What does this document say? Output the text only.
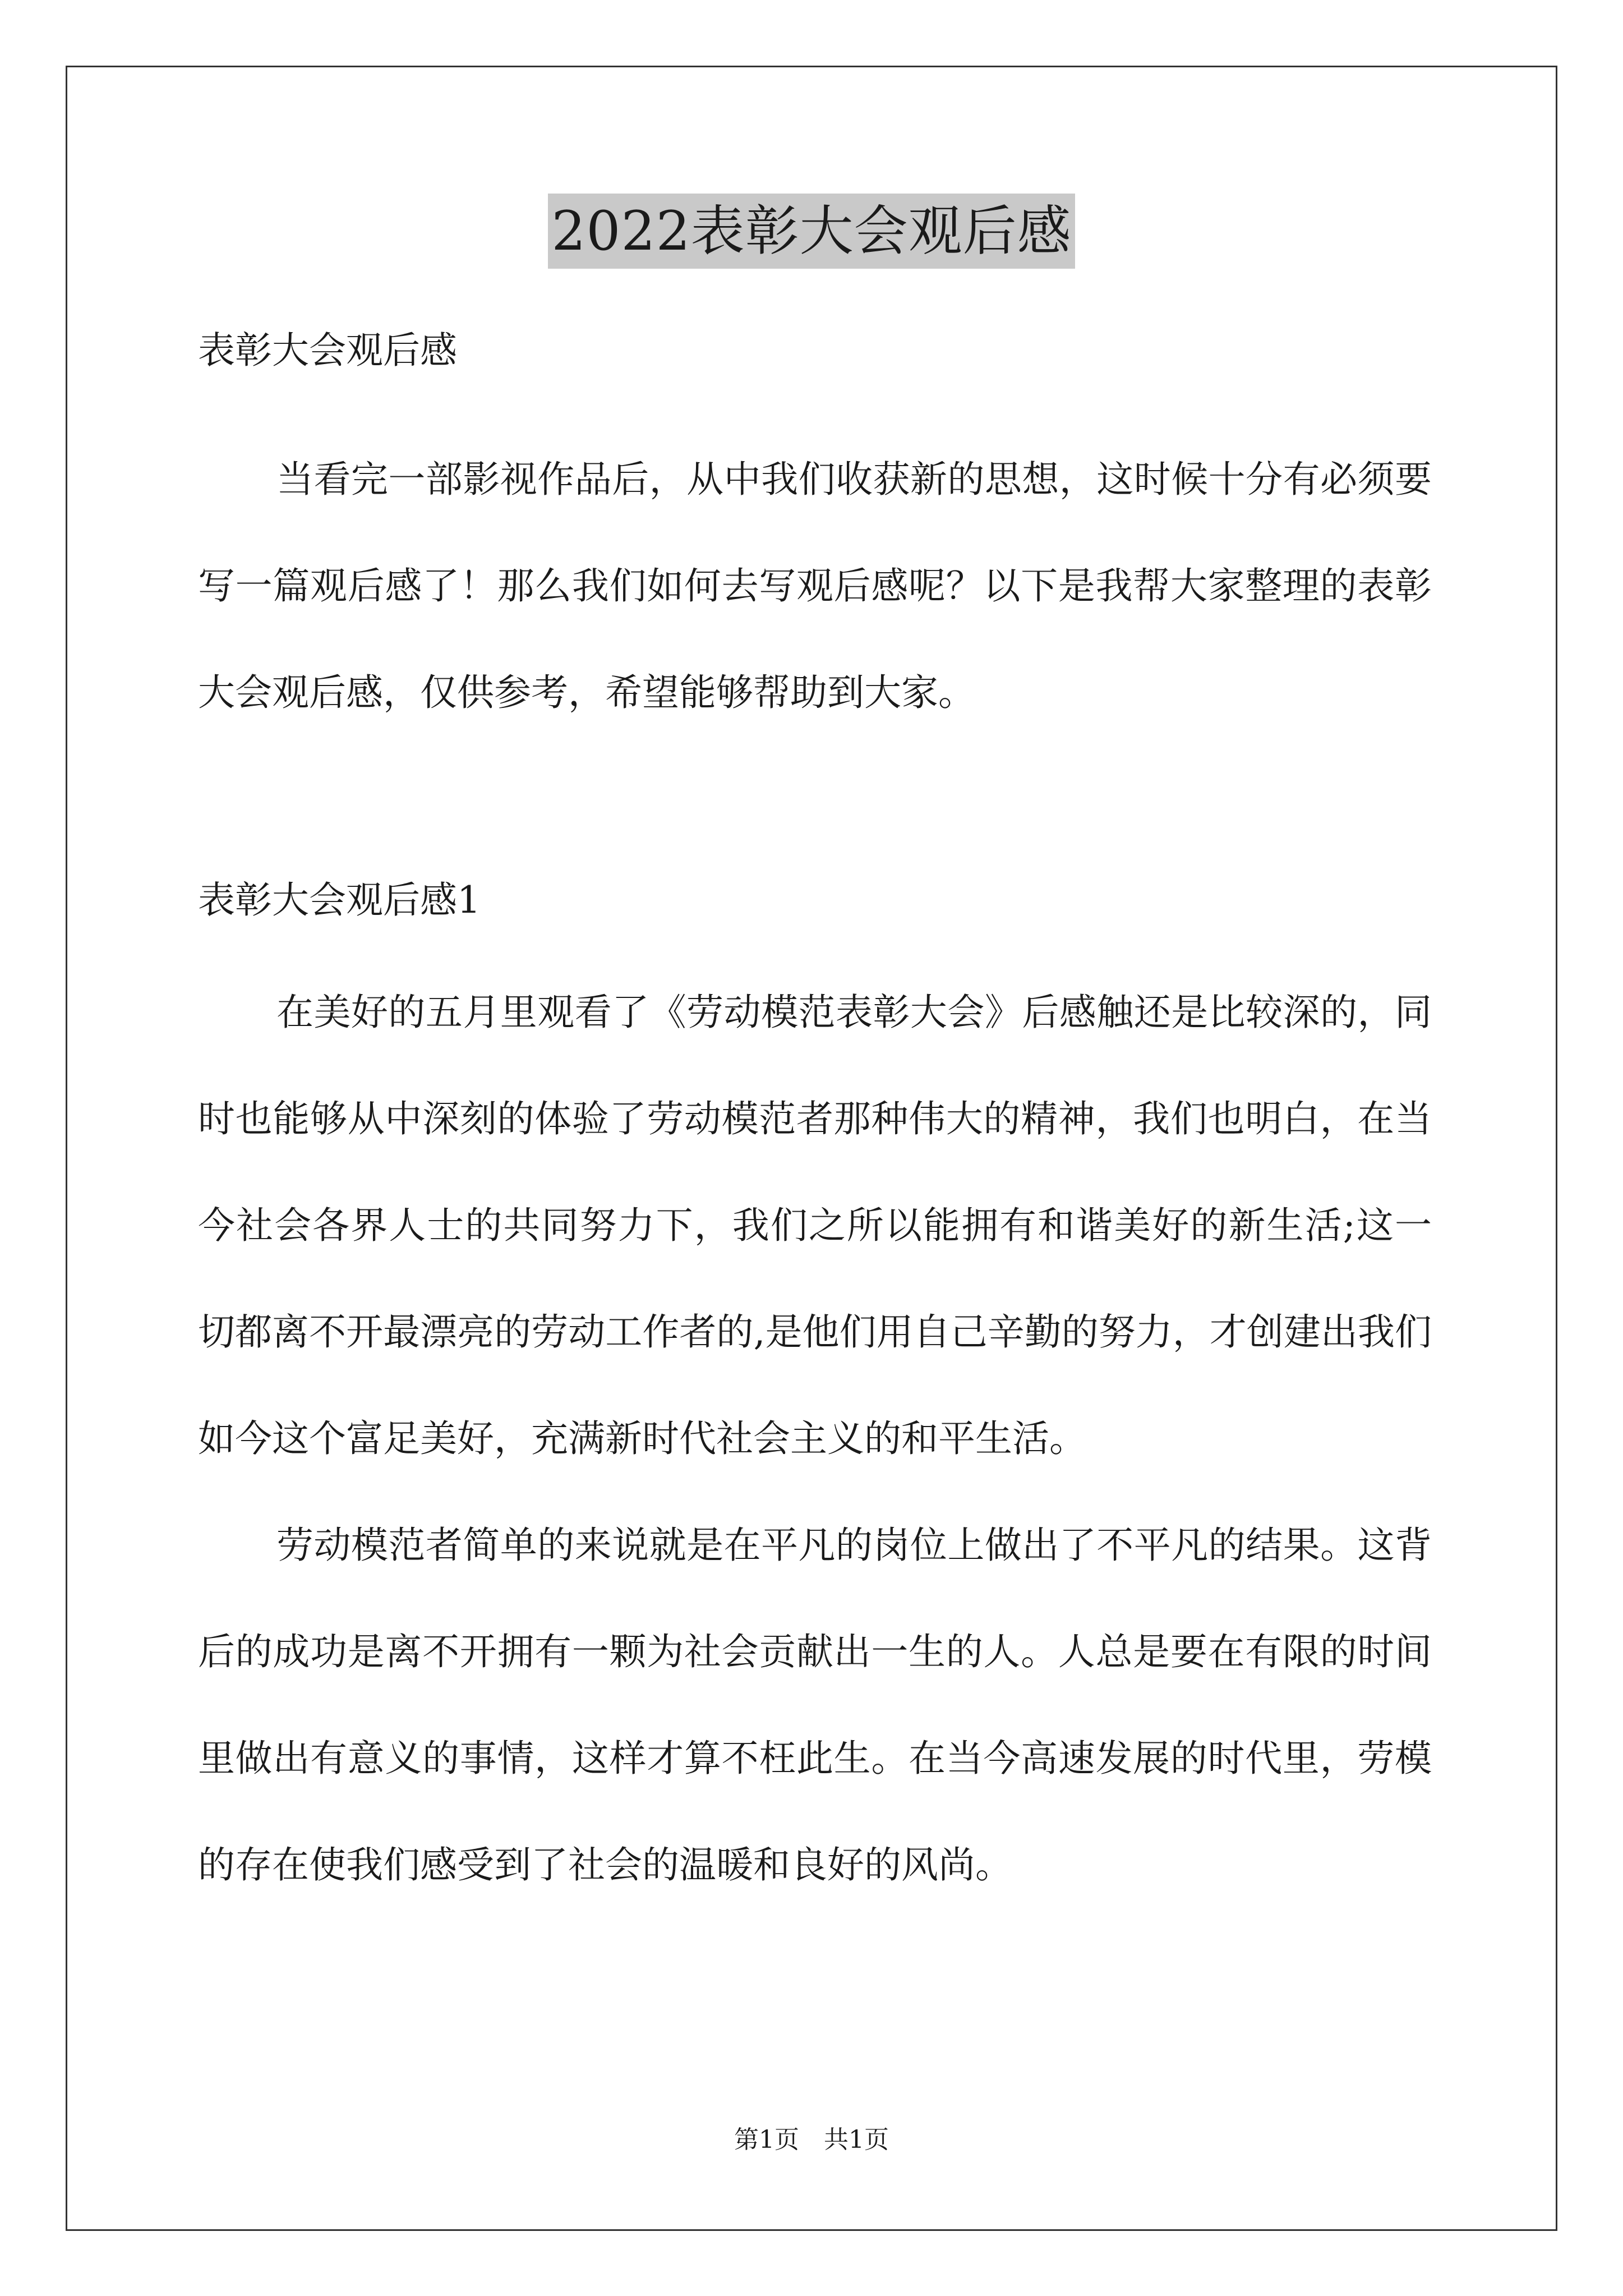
2022表彰大会观后感

表彰大会观后感

当看完一部影视作品后，从中我们收获新的思想，这时候十分有必须要写一篇观后感了！那么我们如何去写观后感呢？以下是我帮大家整理的表彰大会观后感，仅供参考，希望能够帮助到大家。

表彰大会观后感1

在美好的五月里观看了《劳动模范表彰大会》后感触还是比较深的，同时也能够从中深刻的体验了劳动模范者那种伟大的精神，我们也明白，在当今社会各界人士的共同努力下，我们之所以能拥有和谐美好的新生活;这一切都离不开最漂亮的劳动工作者的,是他们用自己辛勤的努力，才创建出我们如今这个富足美好，充满新时代社会主义的和平生活。

劳动模范者简单的来说就是在平凡的岗位上做出了不平凡的结果。这背后的成功是离不开拥有一颗为社会贡献出一生的人。人总是要在有限的时间里做出有意义的事情，这样才算不枉此生。在当今高速发展的时代里，劳模的存在使我们感受到了社会的温暖和良好的风尚。

第1页　共1页
